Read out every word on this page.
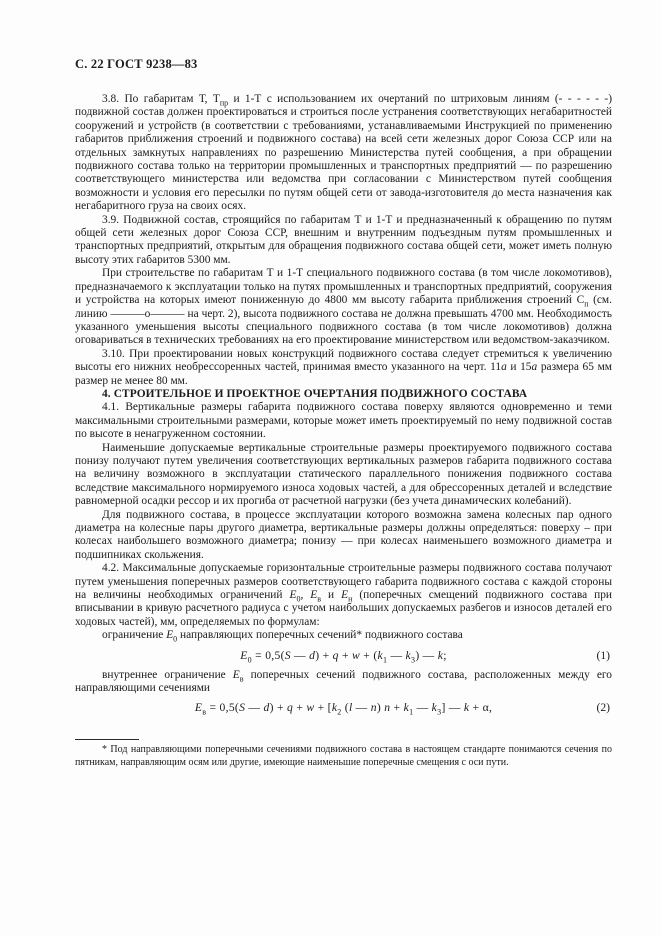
С. 22 ГОСТ 9238—83

3.8. По габаритам Т, $Т_{пр}$ и 1-Т с использованием их очертаний по штриховым линиям (- - - - - -) подвижной состав должен проектироваться и строиться после устранения соответствующих негабаритностей сооружений и устройств (в соответствии с требованиями, устанавливаемыми Инструкцией по применению габаритов приближения строений и подвижного состава) на всей сети железных дорог Союза ССР или на отдельных замкнутых направлениях по разрешению Министерства путей сообщения, а при обращении подвижного состава только на территории промышленных и транспортных предприятий — по разрешению соответствующего министерства или ведомства при согласовании с Министерством путей сообщения возможности и условия его пересылки по путям общей сети от завода-изготовителя до места назначения как негабаритного груза на своих осях.

3.9. Подвижной состав, строящийся по габаритам Т и 1-Т и предназначенный к обращению по путям общей сети железных дорог Союза ССР, внешним и внутренним подъездным путям промышленных и транспортных предприятий, открытым для обращения подвижного состава общей сети, может иметь полную высоту этих габаритов 5300 мм.

При строительстве по габаритам Т и 1-Т специального подвижного состава (в том числе локомотивов), предназначаемого к эксплуатации только на путях промышленных и транспортных предприятий, сооружения и устройства на которых имеют пониженную до 4800 мм высоту габарита приближения строений $С_п$ (см. линию ———о——— на черт. 2), высота подвижного состава не должна превышать 4700 мм. Необходимость указанного уменьшения высоты специального подвижного состава (в том числе локомотивов) должна оговариваться в технических требованиях на его проектирование министерством или ведомством-заказчиком.

3.10. При проектировании новых конструкций подвижного состава следует стремиться к увеличению высоты его нижних необрессоренных частей, принимая вместо указанного на черт. 11а и 15а размера 65 мм размер не менее 80 мм.

4. СТРОИТЕЛЬНОЕ И ПРОЕКТНОЕ ОЧЕРТАНИЯ ПОДВИЖНОГО СОСТАВА

4.1. Вертикальные размеры габарита подвижного состава поверху являются одновременно и теми максимальными строительными размерами, которые может иметь проектируемый по нему подвижной состав по высоте в ненагруженном состоянии.

Наименьшие допускаемые вертикальные строительные размеры проектируемого подвижного состава понизу получают путем увеличения соответствующих вертикальных размеров габарита подвижного состава на величину возможного в эксплуатации статического параллельного понижения подвижного состава вследствие максимального нормируемого износа ходовых частей, а для обрессоренных деталей и вследствие равномерной осадки рессор и их прогиба от расчетной нагрузки (без учета динамических колебаний).

Для подвижного состава, в процессе эксплуатации которого возможна замена колесных пар одного диаметра на колесные пары другого диаметра, вертикальные размеры должны определяться: поверху – при колесах наибольшего возможного диаметра; понизу — при колесах наименьшего возможного диаметра и подшипниках скольжения.

4.2. Максимальные допускаемые горизонтальные строительные размеры подвижного состава получают путем уменьшения поперечных размеров соответствующего габарита подвижного состава с каждой стороны на величины необходимых ограничений $E_0$, $E_в$ и $E_н$ (поперечных смещений подвижного состава при вписывании в кривую расчетного радиуса с учетом наибольших допускаемых разбегов и износов деталей его ходовых частей), мм, определяемых по формулам:

ограничение $E_0$ направляющих поперечных сечений* подвижного состава

$E_0 = 0,5(S$ — $d) + q + w + (k_1$ — $k_3$) — k;	(1)

внутреннее ограничение $E_в$ поперечных сечений подвижного состава, расположенных между его направляющими сечениями

$E_в = 0,5(S$ — $d) + q + w + [k_2$ (l — n) $n + k_1$ — $k_3$] — k + α,	(2)

* Под направляющими поперечными сечениями подвижного состава в настоящем стандарте понимаются сечения по пятникам, направляющим осям или другие, имеющие наименьшие поперечные смещения с оси пути.
